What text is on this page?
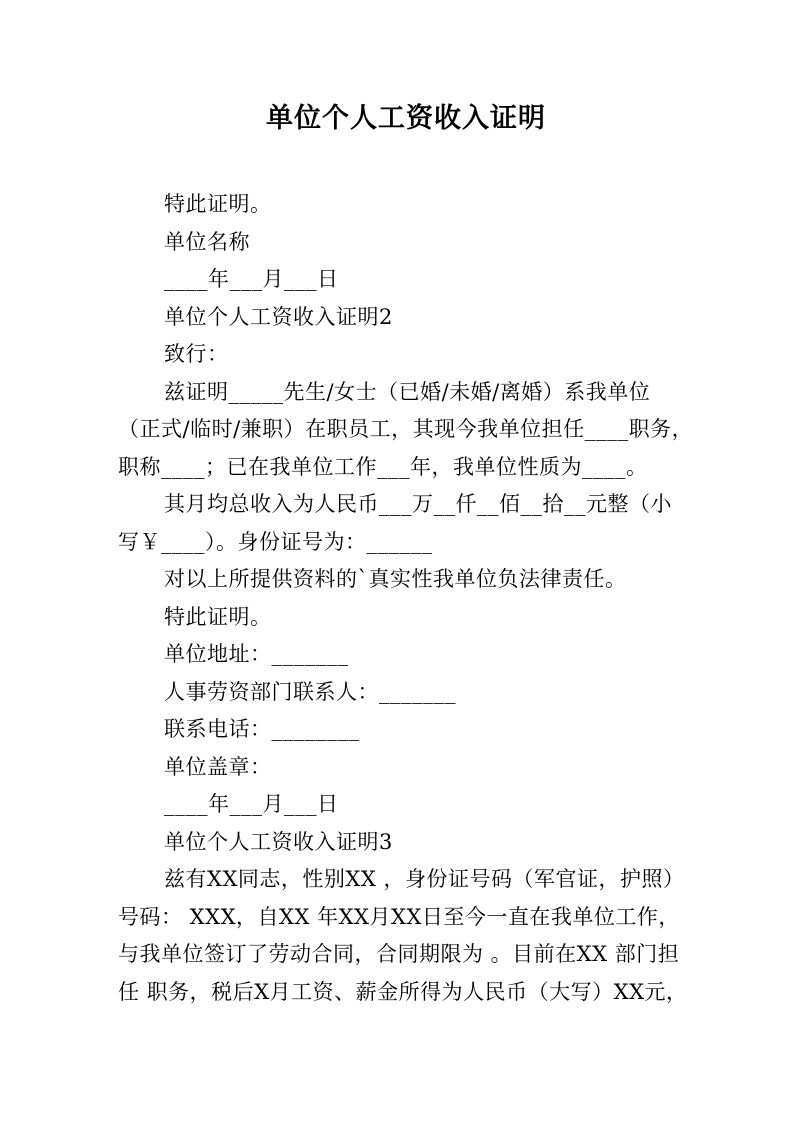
单位个人工资收入证明
特此证明。
单位名称
____年___月___日
单位个人工资收入证明2
致行：
兹证明_____先生/女士（已婚/未婚/离婚）系我单位
（正式/临时/兼职）在职员工，其现今我单位担任____职务，
职称____；已在我单位工作___年，我单位性质为____。
其月均总收入为人民币___万__仟__佰__拾__元整（小
写￥____）。身份证号为：______
对以上所提供资料的`真实性我单位负法律责任。
特此证明。
单位地址：_______
人事劳资部门联系人：_______
联系电话：________
单位盖章：
____年___月___日
单位个人工资收入证明3
兹有XX同志，性别XX ，身份证号码（军官证，护照）
号码： XXX，自XX 年XX月XX日至今一直在我单位工作，
与我单位签订了劳动合同，合同期限为 。目前在XX 部门担
任 职务，税后X月工资、薪金所得为人民币（大写）XX元，
